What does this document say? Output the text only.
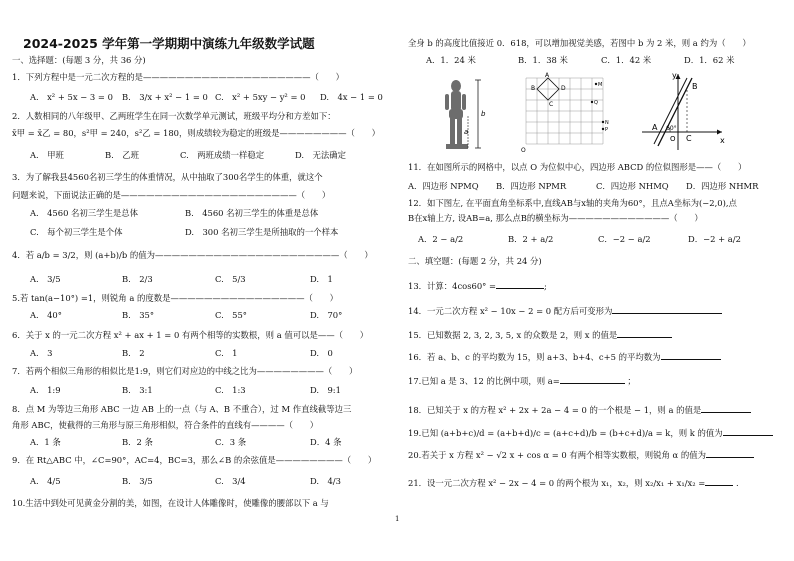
2024-2025 学年第一学期期中演练九年级数学试题
一、选择题：(每题 3 分，共 36 分)
1．下列方程中是一元二次方程的是————————————————————（　　）
A.　x² + 5x − 3 = 0 B.　3/x + x² − 1 = 0 C.　x² + 5xy − y² = 0 D.　4x − 1 = 0
2．人数相同的八年级甲、乙两班学生在同一次数学单元测试，班级平均分和方差如下：
x̄甲 = x̄乙 = 80，s²甲 = 240，s²乙 = 180，则成绩较为稳定的班级是————————（　　）
A.　甲班	B.　乙班	C.　两班成绩一样稳定	D.　无法确定
3．为了解我县4560名初三学生的体重情况，从中抽取了300名学生的体重，就这个
问题来说，下面说法正确的是—————————————————————（　　）
A.　4560 名初三学生是总体	B.　4560 名初三学生的体重是总体
C.　每个初三学生是个体	D.　300 名初三学生是所抽取的一个样本
4．若 a/b = 3/2，则 (a+b)/b 的值为——————————————————————（　　）
A.　3/5	B.　2/3	C.　5/3	D.　1
5.若 tan(a−10°) =1，则锐角 a 的度数是————————————————（　　）
A.　40°	B.　35°	C.　55°	D.　70°
6．关于 x 的一元二次方程 x² + ax + 1 = 0 有两个相等的实数根，则 a 值可以是——（　　）
A.　3	B.　2	C.　1	D.　0
7．若两个相似三角形的相似比是1:9，则它们对应边的中线之比为————————（　　）
A.　1:9	B.　3:1	C.　1:3	D.　9:1
8．点 M 为等边三角形 ABC 一边 AB 上的一点（与 A、B 不重合），过 M 作直线截等边三
角形 ABC，使截得的三角形与原三角形相似，符合条件的直线有————（　　）
A．1 条	B．2 条	C．3 条	D．4 条
9．在 Rt△ABC 中，∠C=90°，AC=4，BC=3，那么∠B 的余弦值是————————（　　）
A.　4/5	B.　3/5	C.　3/4	D.　4/3
10.生活中到处可见黄金分割的美，如图，在设计人体雕像时，使雕像的腰部以下 a 与
1
全身 b 的高度比值接近 0．618，可以增加视觉美感，若图中 b 为 2 米，则 a 约为（　　）
A．1．24 米	B．1．38 米	C．1．42 米	D．1．62 米
b
a
A
B
C
D	M
N
P
Q
O
y
B
A 60°
O C	x
11．在如图所示的网格中，以点 O 为位似中心，四边形 ABCD 的位似图形是——（　　）
A．四边形 NPMQ B．四边形 NPMR	C．四边形 NHMQ D．四边形 NHMR
12．如下图左, 在平面直角坐标系中,直线AB与x轴的夹角为60°，且点A坐标为(−2,0),点
B在x轴上方, 设AB=a, 那么点B的横坐标为————————————（　　）
A．2 − a/2	B．2 + a/2	C．−2 − a/2	D．−2 + a/2
二、填空题：(每题 2 分，共 24 分)
13．计算：4cos60° =	;
14．一元二次方程 x² − 10x − 2 = 0 配方后可变形为
15．已知数据 2, 3, 2, 3, 5, x 的众数是 2，则 x 的值是
16．若 a、b、c 的平均数为 15，则 a+3、b+4、c+5 的平均数为
17.已知 a 是 3、12 的比例中项，则 a=	；
18．已知关于 x 的方程 x² + 2x + 2a − 4 = 0 的一个根是 − 1，则 a 的值是
19.已知 (a+b+c)/d = (a+b+d)/c = (a+c+d)/b = (b+c+d)/a = k，则 k 的值为
20.若关于 x 方程 x² − √2 x + cos α = 0 有两个相等实数根，则锐角 α 的值为
21．设一元二次方程 x² − 2x − 4 = 0 的两个根为 x₁，x₂，则 x₂/x₁ + x₁/x₂ =	.
